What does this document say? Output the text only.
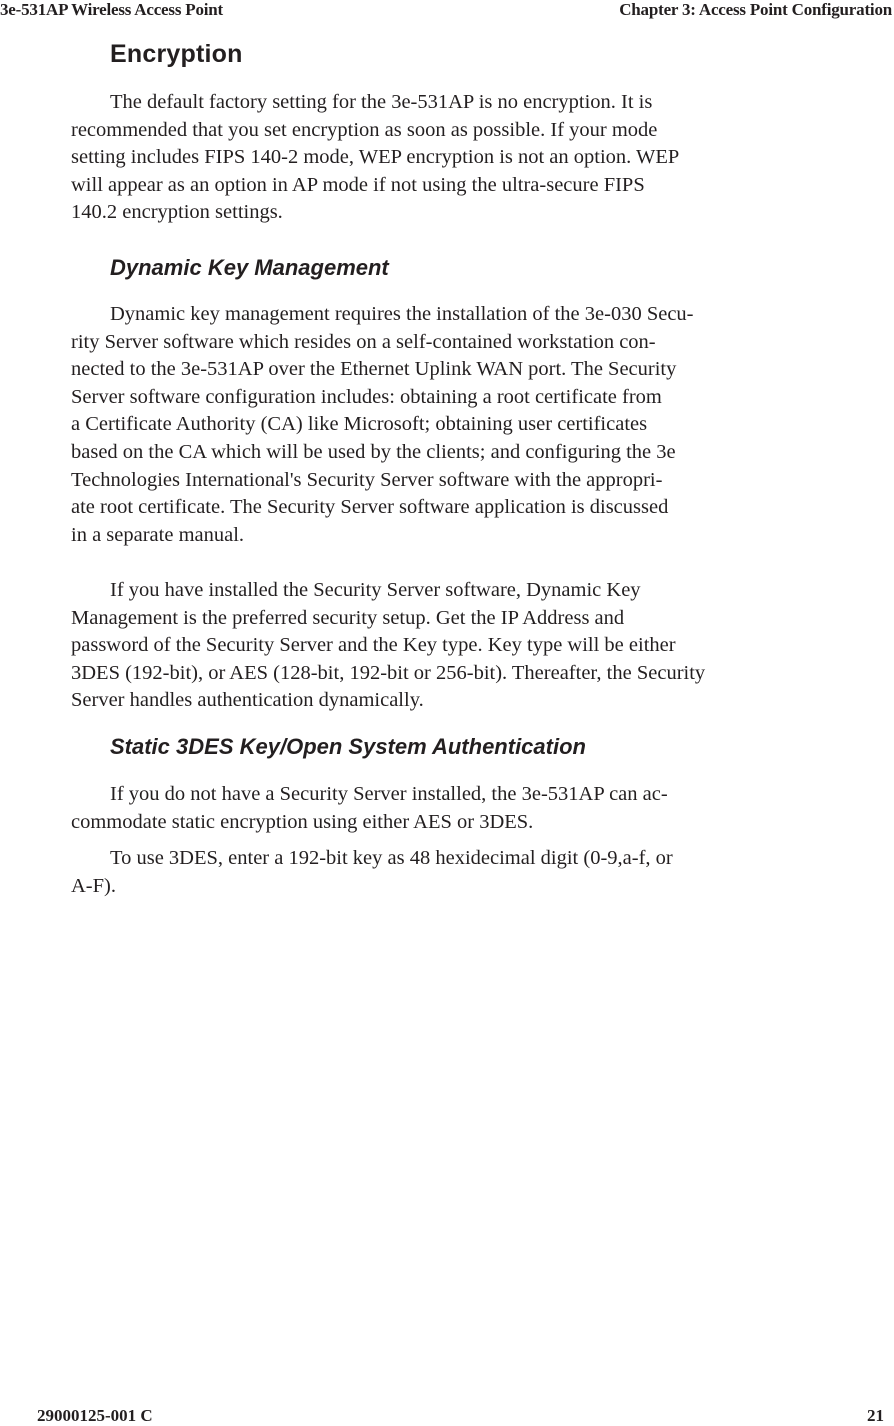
3e-531AP Wireless Access Point	Chapter 3: Access Point Configuration
Encryption
The default factory setting for the 3e-531AP is no encryption. It is
recommended that you set encryption as soon as possible. If your mode
setting includes FIPS 140-2 mode, WEP encryption is not an option. WEP
will appear as an option in AP mode if not using the ultra-secure FIPS
140.2 encryption settings.
Dynamic Key Management
Dynamic key management requires the installation of the 3e-030 Secu-
rity Server software which resides on a self-contained workstation con-
nected to the 3e-531AP over the Ethernet Uplink WAN port. The Security
Server software configuration includes: obtaining a root certificate from
a Certificate Authority (CA) like Microsoft; obtaining user certificates
based on the CA which will be used by the clients; and configuring the 3e
Technologies International's Security Server software with the appropri-
ate root certificate. The Security Server software application is discussed
in a separate manual.
If you have installed the Security Server software, Dynamic Key
Management is the preferred security setup. Get the IP Address and
password of the Security Server and the Key type. Key type will be either
3DES (192-bit), or AES (128-bit, 192-bit or 256-bit). Thereafter, the Security
Server handles authentication dynamically.
Static 3DES Key/Open System Authentication
If you do not have a Security Server installed, the 3e-531AP can ac-
commodate static encryption using either AES or 3DES.
To use 3DES, enter a 192-bit key as 48 hexidecimal digit (0-9,a-f, or
A-F).
29000125-001 C	21
